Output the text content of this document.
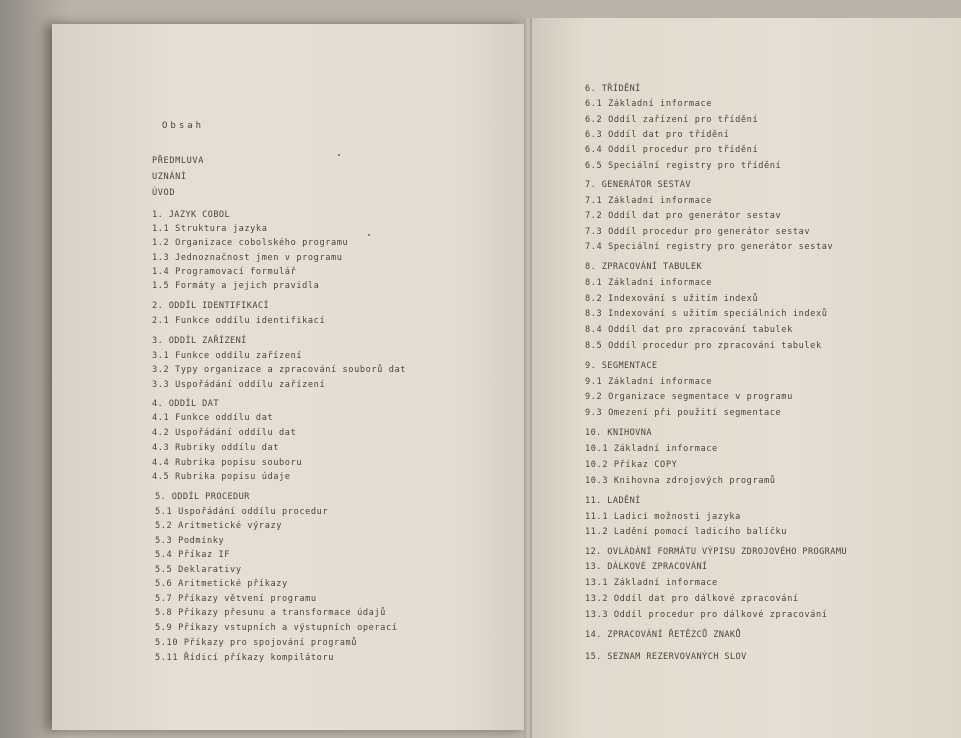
Obsah
PŘEDMLUVA
UZNÁNÍ
ÚVOD
1. JAZYK COBOL
1.1 Struktura jazyka
1.2 Organizace cobolského programu
1.3 Jednoznačnost jmen v programu
1.4 Programovací formulář
1.5 Formáty a jejich pravidla
2. ODDÍL IDENTIFIKACÍ
2.1 Funkce oddílu identifikací
3. ODDÍL ZAŘÍZENÍ
3.1 Funkce oddílu zařízení
3.2 Typy organizace a zpracování souborů dat
3.3 Uspořádání oddílu zařízení
4. ODDÍL DAT
4.1 Funkce oddílu dat
4.2 Uspořádání oddílu dat
4.3 Rubriky oddílu dat
4.4 Rubrika popisu souboru
4.5 Rubrika popisu údaje
5. ODDÍL PROCEDUR
5.1 Uspořádání oddílu procedur
5.2 Aritmetické výrazy
5.3 Podmínky
5.4 Příkaz IF
5.5 Deklarativy
5.6 Aritmetické příkazy
5.7 Příkazy větvení programu
5.8 Příkazy přesunu a transformace údajů
5.9 Příkazy vstupních a výstupních operací
5.10 Příkazy pro spojování programů
5.11 Řídicí příkazy kompilátoru
6. TŘÍDĚNÍ
6.1 Základní informace
6.2 Oddíl zařízení pro třídění
6.3 Oddíl dat pro třídění
6.4 Oddíl procedur pro třídění
6.5 Speciální registry pro třídění
7. GENERÁTOR SESTAV
7.1 Základní informace
7.2 Oddíl dat pro generátor sestav
7.3 Oddíl procedur pro generátor sestav
7.4 Speciální registry pro generátor sestav
8. ZPRACOVÁNÍ TABULEK
8.1 Základní informace
8.2 Indexování s užitím indexů
8.3 Indexování s užitím speciálních indexů
8.4 Oddíl dat pro zpracování tabulek
8.5 Oddíl procedur pro zpracování tabulek
9. SEGMENTACE
9.1 Základní informace
9.2 Organizace segmentace v programu
9.3 Omezení při použití segmentace
10. KNIHOVNA
10.1 Základní informace
10.2 Příkaz COPY
10.3 Knihovna zdrojových programů
11. LADĚNÍ
11.1 Ladicí možnosti jazyka
11.2 Ladění pomocí ladicího balíčku
12. OVLÁDÁNÍ FORMÁTU VÝPISU ZDROJOVÉHO PROGRAMU
13. DÁLKOVÉ ZPRACOVÁNÍ
13.1 Základní informace
13.2 Oddíl dat pro dálkové zpracování
13.3 Oddíl procedur pro dálkové zpracování
14. ZPRACOVÁNÍ ŘETĚZCŮ ZNAKŮ
15. SEZNAM REZERVOVANÝCH SLOV
